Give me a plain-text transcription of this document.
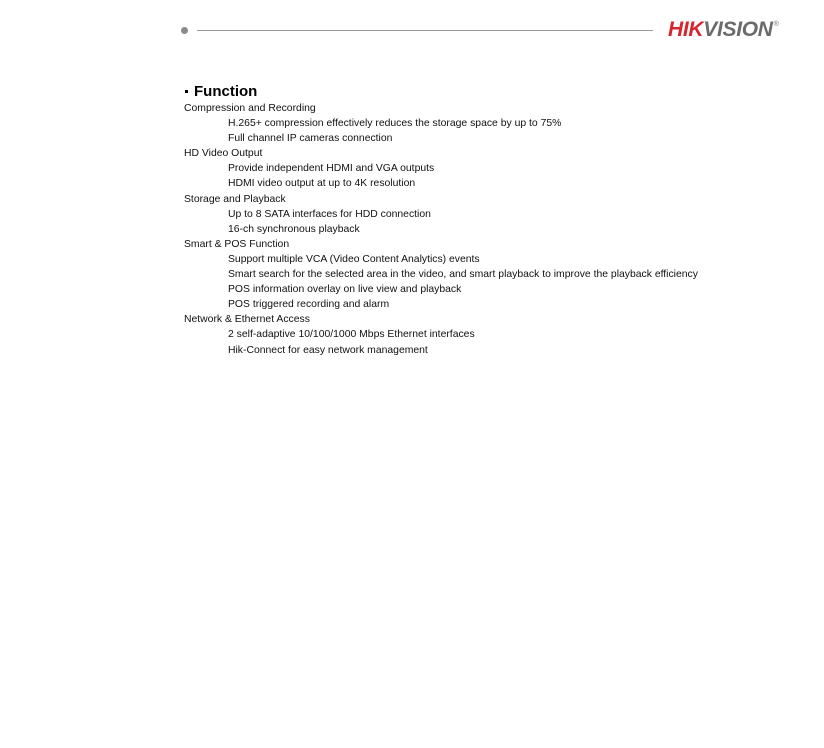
HIK VISION ®
Function
Compression and Recording
H.265+ compression effectively reduces the storage space by up to 75%
Full channel IP cameras connection
HD Video Output
Provide independent HDMI and VGA outputs
HDMI video output at up to 4K resolution
Storage and Playback
Up to 8 SATA interfaces for HDD connection
16-ch synchronous playback
Smart & POS Function
Support multiple VCA (Video Content Analytics) events
Smart search for the selected area in the video, and smart playback to improve the playback efficiency
POS information overlay on live view and playback
POS triggered recording and alarm
Network & Ethernet Access
2 self-adaptive 10/100/1000 Mbps Ethernet interfaces
Hik-Connect for easy network management
